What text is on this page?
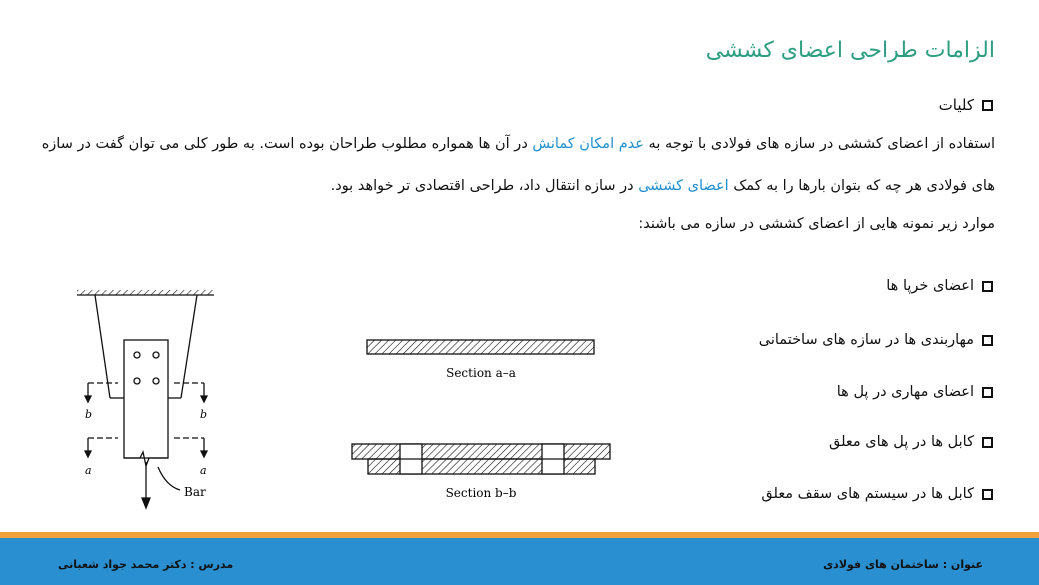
الزامات طراحی اعضای کششی
کلیات
استفاده از اعضای کششی در سازه های فولادی با توجه به عدم امکان کمانش در آن ها همواره مطلوب طراحان بوده است. به طور کلی می توان گفت در سازه
های فولادی هر چه که بتوان بارها را به کمک اعضای کششی در سازه انتقال داد، طراحی اقتصادی تر خواهد بود.
موارد زیر نمونه هایی از اعضای کششی در سازه می باشند:
اعضای خرپا ها
مهاربندی ها در سازه های ساختمانی
اعضای مهاری در پل ها
کابل ها در پل های معلق
کابل ها در سیستم های سقف معلق
b	b
a	a
Bar
Section a–a
Section b–b
مدرس : دکتر محمد جواد شعبانی	عنوان : ساختمان های فولادی
